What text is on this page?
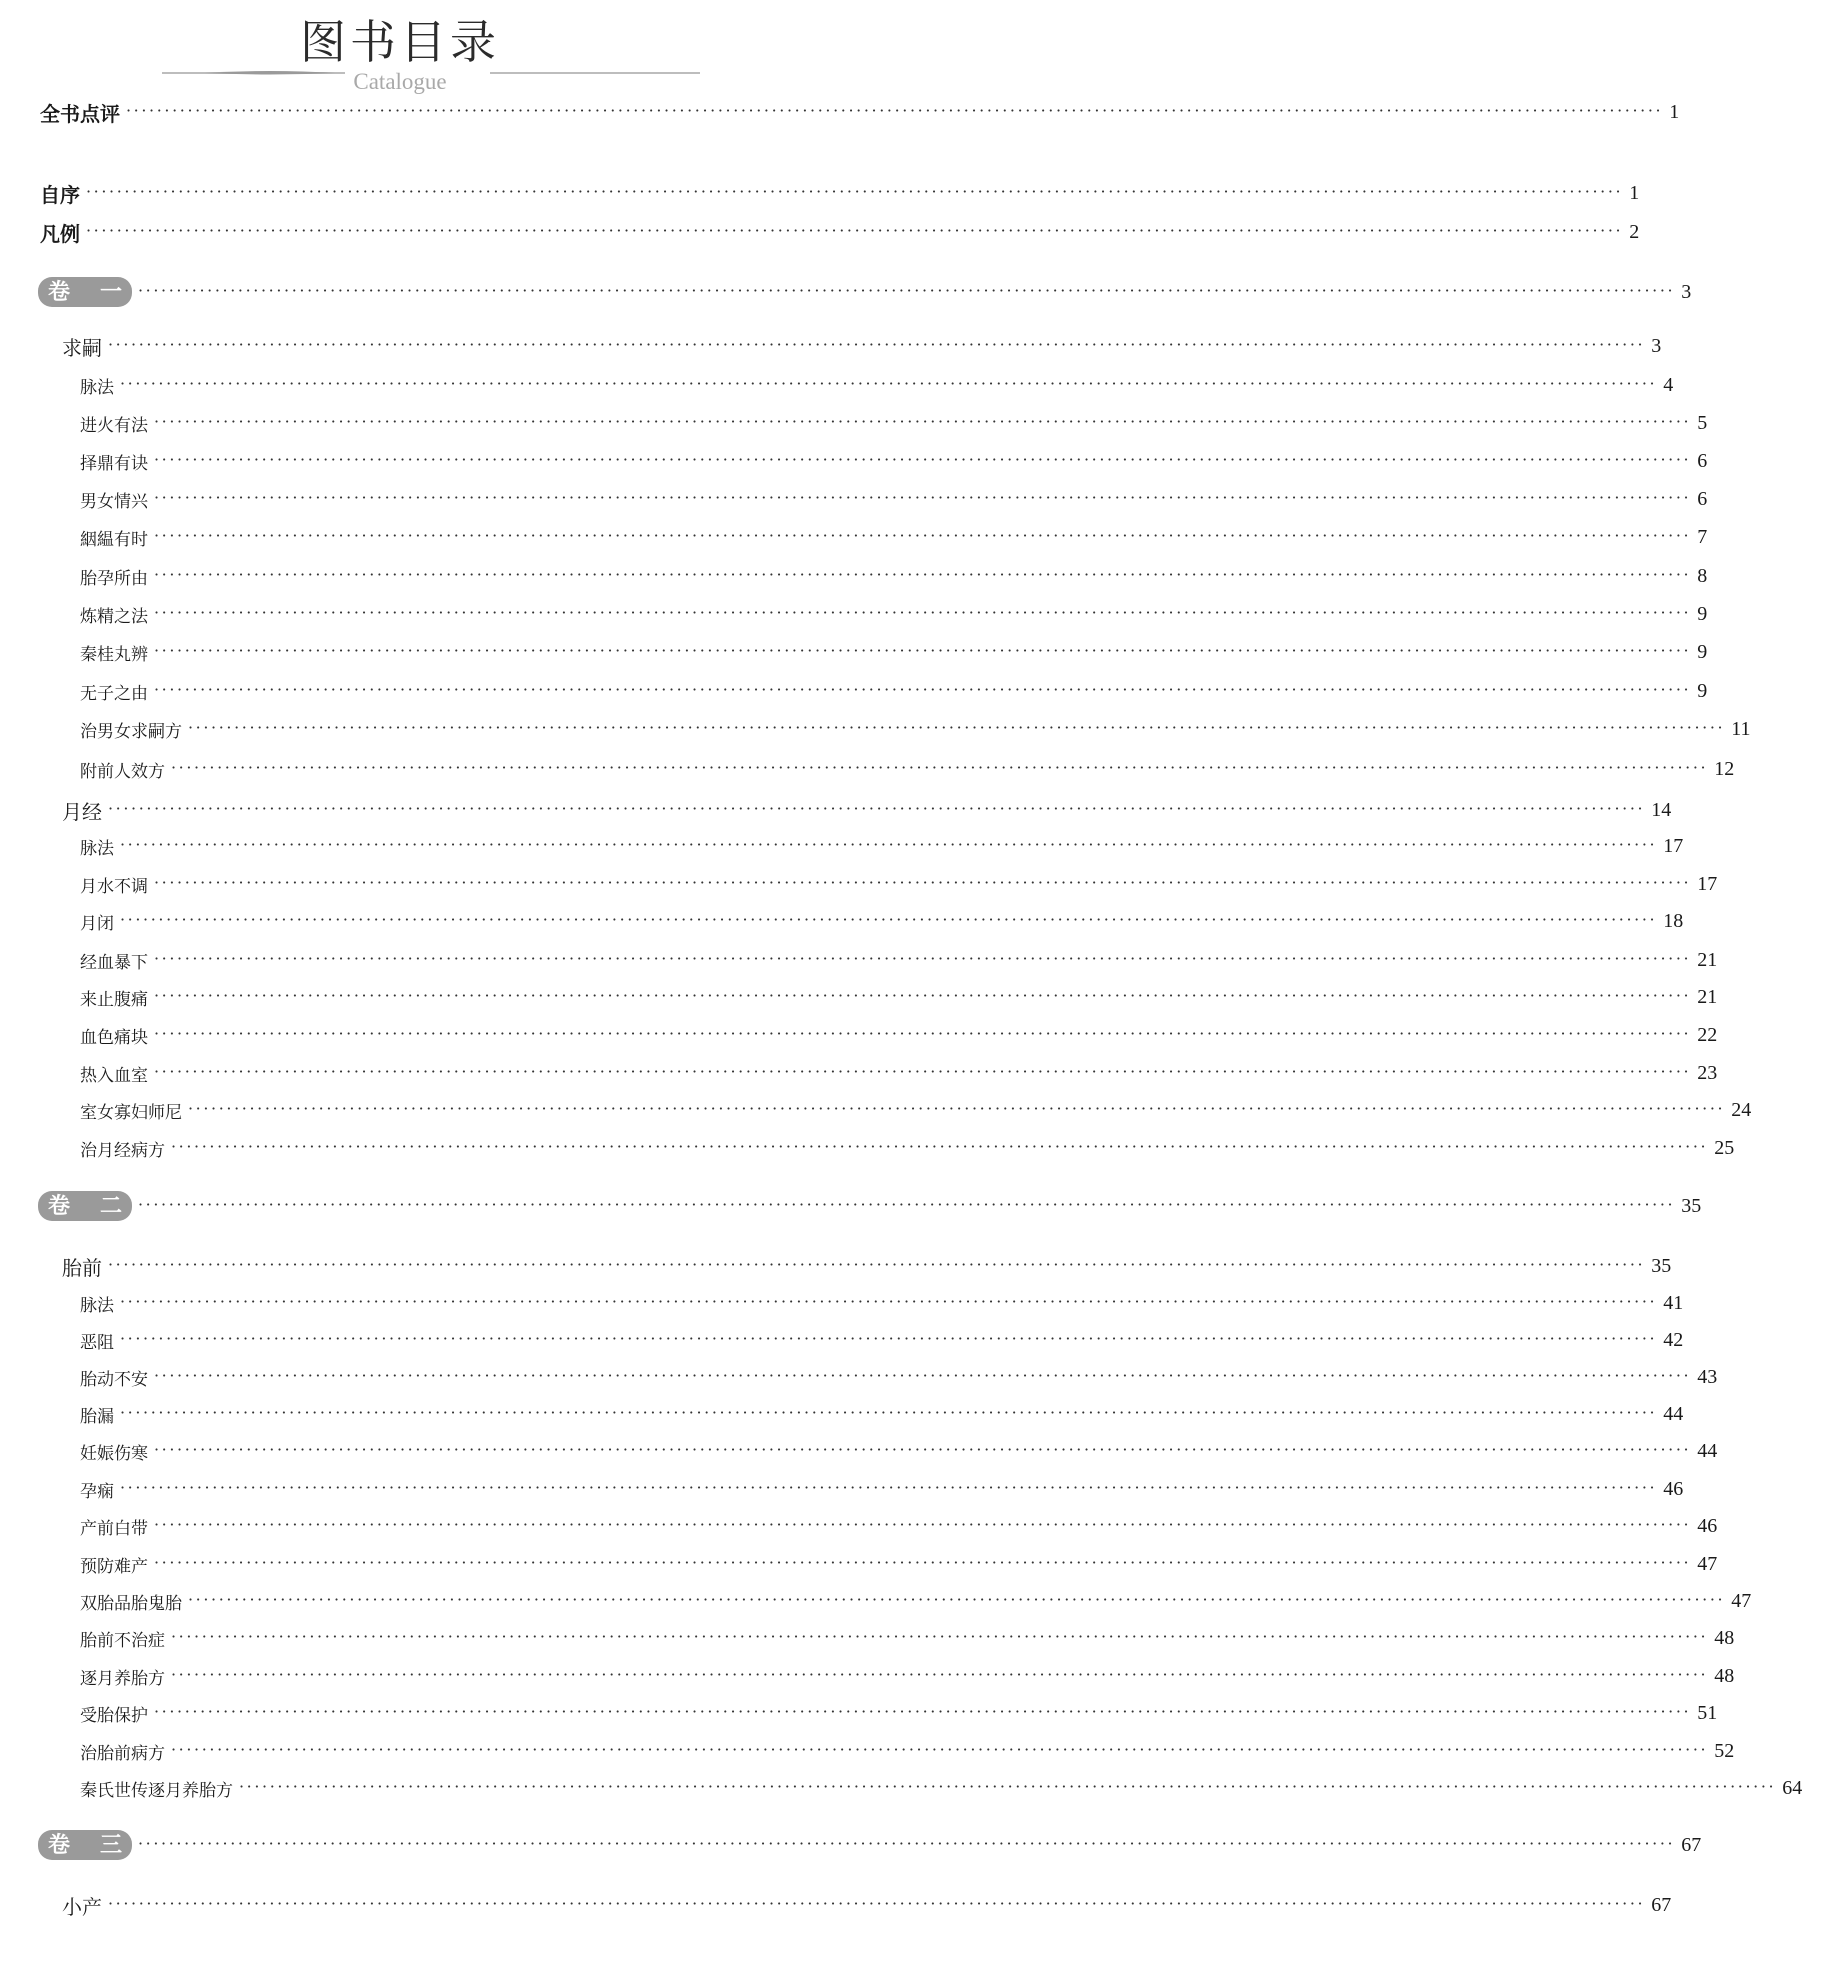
图书目录
Catalogue
全书点评 ········································································································································································································ 1
自序 ········································································································································································································ 1
凡例 ········································································································································································································ 2
卷 一 ········································································································································································································ 3
求嗣 ········································································································································································································ 3
脉法 ········································································································································································································ 4
进火有法 ········································································································································································································ 5
择鼎有诀 ········································································································································································································ 6
男女情兴 ········································································································································································································ 6
絪緼有时 ········································································································································································································ 7
胎孕所由 ········································································································································································································ 8
炼精之法 ········································································································································································································ 9
秦桂丸辨 ········································································································································································································ 9
无子之由 ········································································································································································································ 9
治男女求嗣方 ········································································································································································································ 11
附前人效方 ········································································································································································································ 12
月经 ········································································································································································································ 14
脉法 ········································································································································································································ 17
月水不调 ········································································································································································································ 17
月闭 ········································································································································································································ 18
经血暴下 ········································································································································································································ 21
来止腹痛 ········································································································································································································ 21
血色痛块 ········································································································································································································ 22
热入血室 ········································································································································································································ 23
室女寡妇师尼 ········································································································································································································ 24
治月经病方 ········································································································································································································ 25
卷 二 ········································································································································································································ 35
胎前 ········································································································································································································ 35
脉法 ········································································································································································································ 41
恶阻 ········································································································································································································ 42
胎动不安 ········································································································································································································ 43
胎漏 ········································································································································································································ 44
妊娠伤寒 ········································································································································································································ 44
孕痫 ········································································································································································································ 46
产前白带 ········································································································································································································ 46
预防难产 ········································································································································································································ 47
双胎品胎鬼胎 ········································································································································································································ 47
胎前不治症 ········································································································································································································ 48
逐月养胎方 ········································································································································································································ 48
受胎保护 ········································································································································································································ 51
治胎前病方 ········································································································································································································ 52
秦氏世传逐月养胎方 ········································································································································································································ 64
卷 三 ········································································································································································································ 67
小产 ········································································································································································································ 67
